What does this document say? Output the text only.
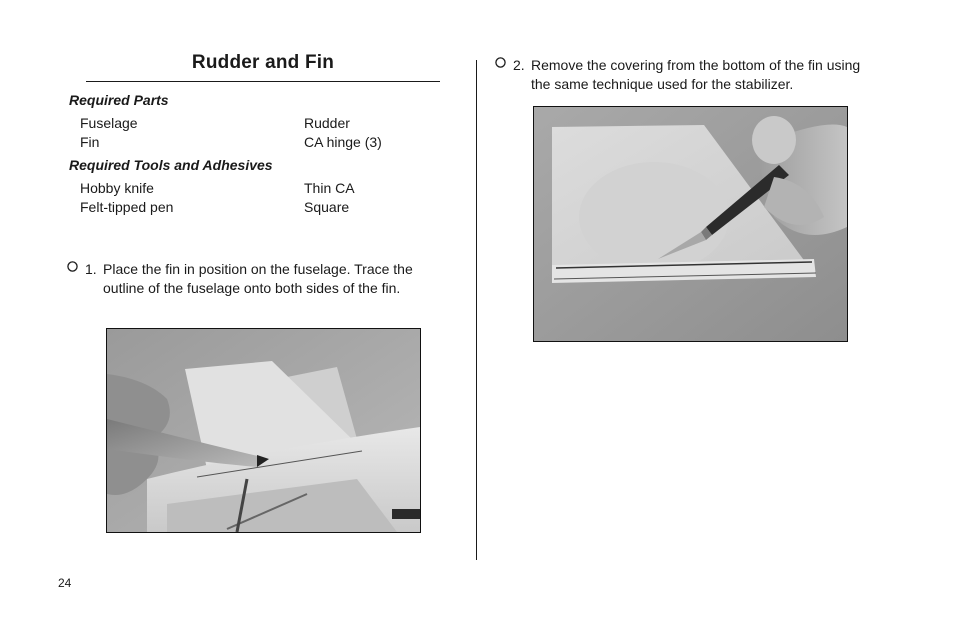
Rudder and Fin
Required Parts
Fuselage	Rudder
Fin	CA hinge (3)
Required Tools and Adhesives
Hobby knife	Thin CA
Felt-tipped pen	Square
1. Place the fin in position on the fuselage. Trace the outline of the fuselage onto both sides of the fin.
2. Remove the covering from the bottom of the fin using the same technique used for the stabilizer.
24
